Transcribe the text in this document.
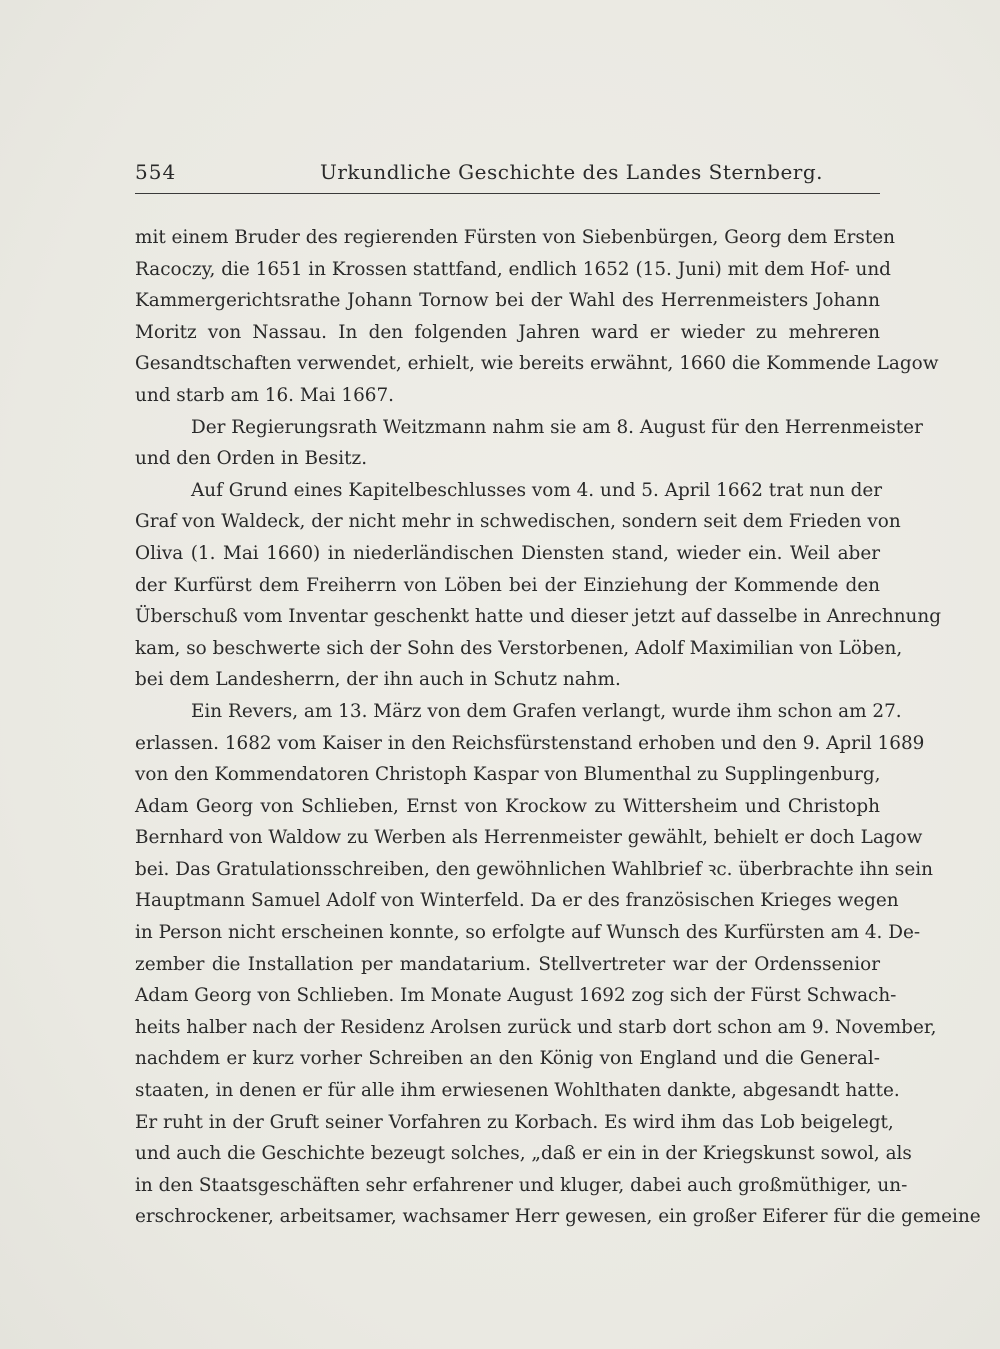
554	Urkundliche Geschichte des Landes Sternberg.
mit einem Bruder des regierenden Fürsten von Siebenbürgen, Georg dem Ersten
Racoczy, die 1651 in Krossen stattfand, endlich 1652 (15. Juni) mit dem Hof- und
Kammergerichtsrathe Johann Tornow bei der Wahl des Herrenmeisters Johann
Moritz von Nassau. In den folgenden Jahren ward er wieder zu mehreren
Gesandtschaften verwendet, erhielt, wie bereits erwähnt, 1660 die Kommende Lagow
und starb am 16. Mai 1667.
Der Regierungsrath Weitzmann nahm sie am 8. August für den Herrenmeister
und den Orden in Besitz.
Auf Grund eines Kapitelbeschlusses vom 4. und 5. April 1662 trat nun der
Graf von Waldeck, der nicht mehr in schwedischen, sondern seit dem Frieden von
Oliva (1. Mai 1660) in niederländischen Diensten stand, wieder ein. Weil aber
der Kurfürst dem Freiherrn von Löben bei der Einziehung der Kommende den
Überschuß vom Inventar geschenkt hatte und dieser jetzt auf dasselbe in Anrechnung
kam, so beschwerte sich der Sohn des Verstorbenen, Adolf Maximilian von Löben,
bei dem Landesherrn, der ihn auch in Schutz nahm.
Ein Revers, am 13. März von dem Grafen verlangt, wurde ihm schon am 27.
erlassen. 1682 vom Kaiser in den Reichsfürstenstand erhoben und den 9. April 1689
von den Kommendatoren Christoph Kaspar von Blumenthal zu Supplingenburg,
Adam Georg von Schlieben, Ernst von Krockow zu Wittersheim und Christoph
Bernhard von Waldow zu Werben als Herrenmeister gewählt, behielt er doch Lagow
bei. Das Gratulationsschreiben, den gewöhnlichen Wahlbrief ꝛc. überbrachte ihn sein
Hauptmann Samuel Adolf von Winterfeld. Da er des französischen Krieges wegen
in Person nicht erscheinen konnte, so erfolgte auf Wunsch des Kurfürsten am 4. De-
zember die Installation per mandatarium. Stellvertreter war der Ordenssenior
Adam Georg von Schlieben. Im Monate August 1692 zog sich der Fürst Schwach-
heits halber nach der Residenz Arolsen zurück und starb dort schon am 9. November,
nachdem er kurz vorher Schreiben an den König von England und die General-
staaten, in denen er für alle ihm erwiesenen Wohlthaten dankte, abgesandt hatte.
Er ruht in der Gruft seiner Vorfahren zu Korbach. Es wird ihm das Lob beigelegt,
und auch die Geschichte bezeugt solches, „daß er ein in der Kriegskunst sowol, als
in den Staatsgeschäften sehr erfahrener und kluger, dabei auch großmüthiger, un-
erschrockener, arbeitsamer, wachsamer Herr gewesen, ein großer Eiferer für die gemeine
